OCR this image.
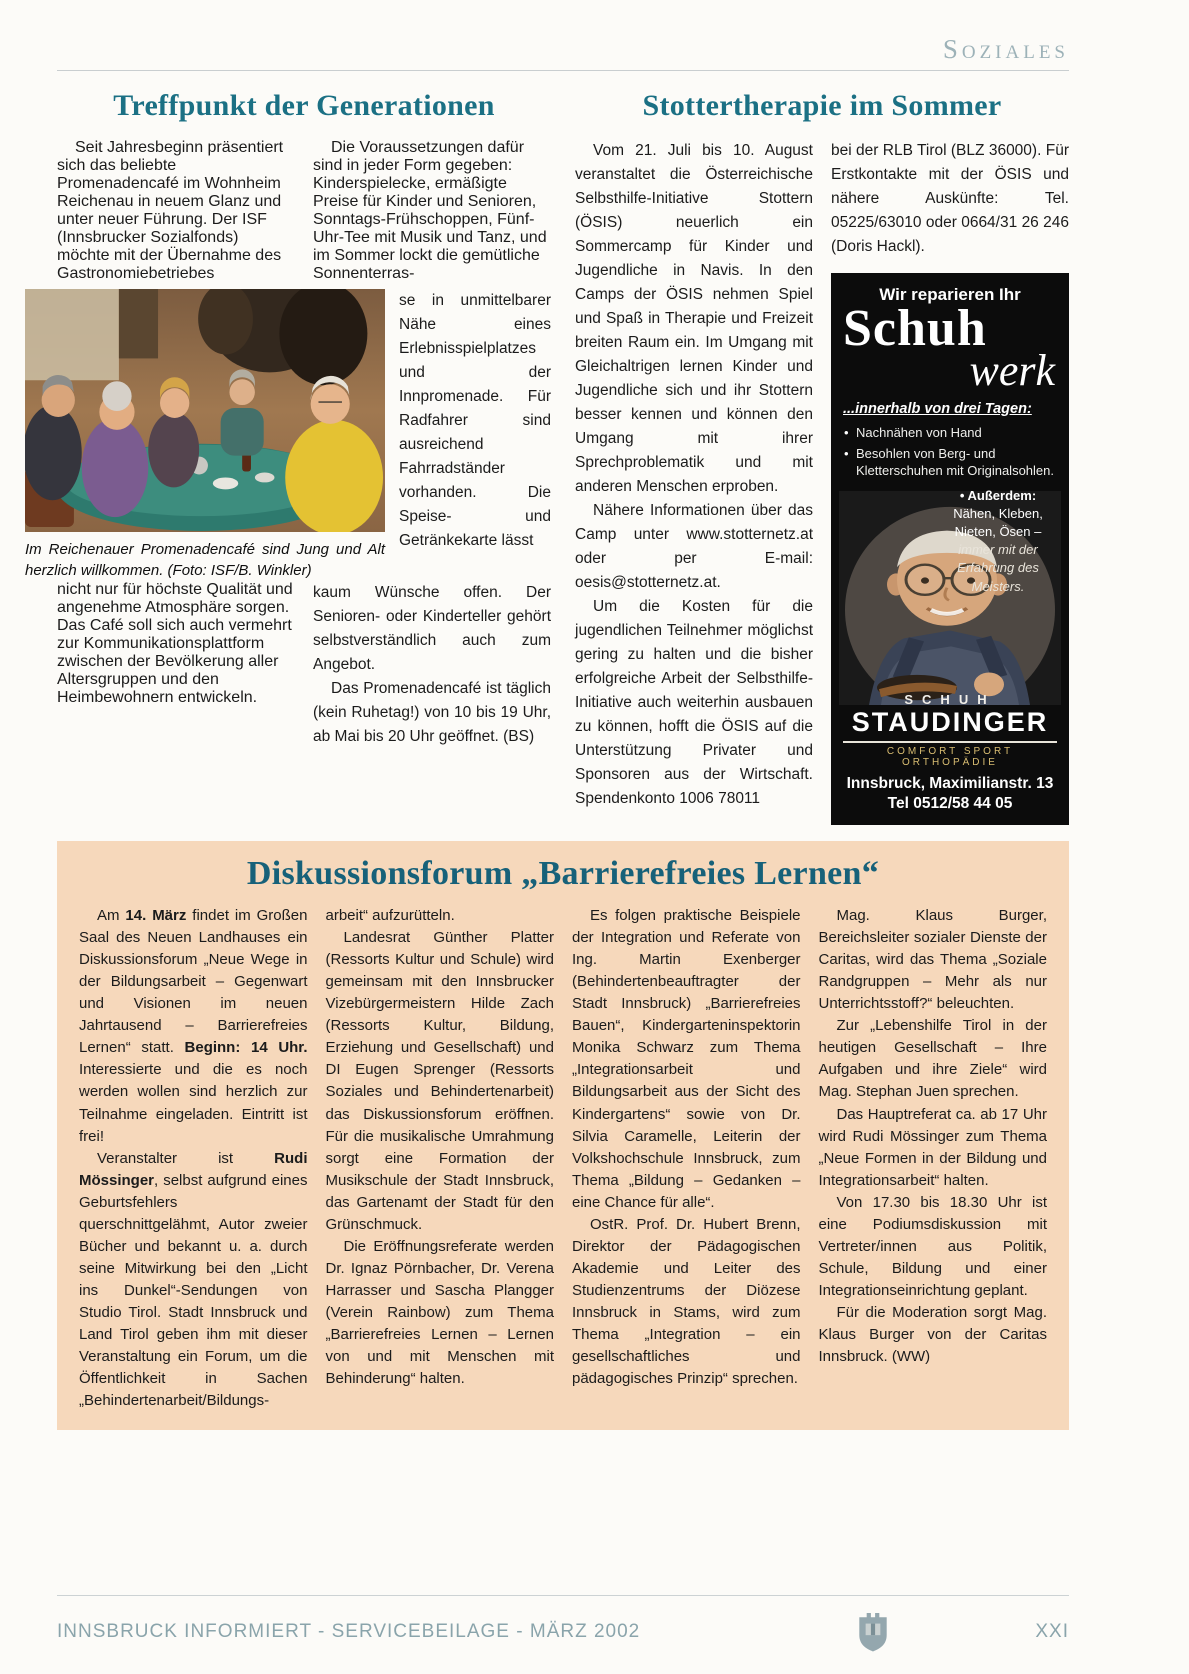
Soziales
Treffpunkt der Generationen

Seit Jahresbeginn präsentiert sich das beliebte Promenadencafé im Wohnheim Reichenau in neuem Glanz und unter neuer Führung. Der ISF (Innsbrucker Sozialfonds) möchte mit der Übernahme des Gastronomiebetriebes

Die Voraussetzungen dafür sind in jeder Form gegeben: Kinderspielecke, ermäßigte Preise für Kinder und Senioren, Sonntags-Frühschoppen, Fünf-Uhr-Tee mit Musik und Tanz, und im Sommer lockt die gemütliche Sonnenterras-

Im Reichenauer Promenadencafé sind Jung und Alt herzlich willkommen. (Foto: ISF/B. Winkler)

se in unmittelbarer Nähe eines Erlebnisspielplatzes und der Innpromenade. Für Radfahrer sind ausreichend Fahrradständer vorhanden. Die Speise- und Getränkekarte lässt

nicht nur für höchste Qualität und angenehme Atmosphäre sorgen. Das Café soll sich auch vermehrt zur Kommunikationsplattform zwischen der Bevölkerung aller Altersgruppen und den Heimbewohnern entwickeln.

kaum Wünsche offen. Der Senioren- oder Kinderteller gehört selbstverständlich auch zum Angebot.

Das Promenadencafé ist täglich (kein Ruhetag!) von 10 bis 19 Uhr, ab Mai bis 20 Uhr geöffnet. (BS)

Stottertherapie im Sommer

Vom 21. Juli bis 10. August veranstaltet die Österreichische Selbsthilfe-Initiative Stottern (ÖSIS) neuerlich ein Sommercamp für Kinder und Jugendliche in Navis. In den Camps der ÖSIS nehmen Spiel und Spaß in Therapie und Freizeit breiten Raum ein. Im Umgang mit Gleichaltrigen lernen Kinder und Jugendliche sich und ihr Stottern besser kennen und können den Umgang mit ihrer Sprechproblematik und mit anderen Menschen erproben.

Nähere Informationen über das Camp unter www.stotternetz.at oder per E-mail: oesis@stotternetz.at.

Um die Kosten für die jugendlichen Teilnehmer möglichst gering zu halten und die bisher erfolgreiche Arbeit der Selbsthilfe-Initiative auch weiterhin ausbauen zu können, hofft die ÖSIS auf die Unterstützung Privater und Sponsoren aus der Wirtschaft. Spendenkonto 1006 78011

bei der RLB Tirol (BLZ 36000). Für Erstkontakte mit der ÖSIS und nähere Auskünfte: Tel. 05225/63010 oder 0664/31 26 246 (Doris Hackl).

Wir reparieren Ihr
Schuh
werk
...innerhalb von drei Tagen:
• Nachnähen von Hand
• Besohlen von Berg- und Kletterschuhen mit Originalsohlen.
• Außerdem:
Nähen, Kleben, Nieten, Ösen –
immer mit der Erfahrung des Meisters.
SCHUH
STAUDINGER
COMFORT SPORT ORTHOPÄDIE
Innsbruck, Maximilianstr. 13
Tel 0512/58 44 05
Diskussionsforum „Barrierefreies Lernen“

Am 14. März findet im Großen Saal des Neuen Landhauses ein Diskussionsforum „Neue Wege in der Bildungsarbeit – Gegenwart und Visionen im neuen Jahrtausend – Barrierefreies Lernen“ statt. Beginn: 14 Uhr. Interessierte und die es noch werden wollen sind herzlich zur Teilnahme eingeladen. Eintritt ist frei!

Veranstalter ist Rudi Mössinger, selbst aufgrund eines Geburtsfehlers querschnittgelähmt, Autor zweier Bücher und bekannt u. a. durch seine Mitwirkung bei den „Licht ins Dunkel“-Sendungen von Studio Tirol. Stadt Innsbruck und Land Tirol geben ihm mit dieser Veranstaltung ein Forum, um die Öffentlichkeit in Sachen „Behindertenarbeit/Bildungs-

arbeit“ aufzurütteln.

Landesrat Günther Platter (Ressorts Kultur und Schule) wird gemeinsam mit den Innsbrucker Vizebürgermeistern Hilde Zach (Ressorts Kultur, Bildung, Erziehung und Gesellschaft) und DI Eugen Sprenger (Ressorts Soziales und Behindertenarbeit) das Diskussionsforum eröffnen. Für die musikalische Umrahmung sorgt eine Formation der Musikschule der Stadt Innsbruck, das Gartenamt der Stadt für den Grünschmuck.

Die Eröffnungsreferate werden Dr. Ignaz Pörnbacher, Dr. Verena Harrasser und Sascha Plangger (Verein Rainbow) zum Thema „Barrierefreies Lernen – Lernen von und mit Menschen mit Behinderung“ halten.

Es folgen praktische Beispiele der Integration und Referate von Ing. Martin Exenberger (Behindertenbeauftragter der Stadt Innsbruck) „Barrierefreies Bauen“, Kindergarteninspektorin Monika Schwarz zum Thema „Integrationsarbeit und Bildungsarbeit aus der Sicht des Kindergartens“ sowie von Dr. Silvia Caramelle, Leiterin der Volkshochschule Innsbruck, zum Thema „Bildung – Gedanken – eine Chance für alle“.

OstR. Prof. Dr. Hubert Brenn, Direktor der Pädagogischen Akademie und Leiter des Studienzentrums der Diözese Innsbruck in Stams, wird zum Thema „Integration – ein gesellschaftliches und pädagogisches Prinzip“ sprechen.

Mag. Klaus Burger, Bereichsleiter sozialer Dienste der Caritas, wird das Thema „Soziale Randgruppen – Mehr als nur Unterrichtsstoff?“ beleuchten.

Zur „Lebenshilfe Tirol in der heutigen Gesellschaft – Ihre Aufgaben und ihre Ziele“ wird Mag. Stephan Juen sprechen.

Das Hauptreferat ca. ab 17 Uhr wird Rudi Mössinger zum Thema „Neue Formen in der Bildung und Integrationsarbeit“ halten.

Von 17.30 bis 18.30 Uhr ist eine Podiumsdiskussion mit Vertreter/innen aus Politik, Schule, Bildung und einer Integrationseinrichtung geplant.

Für die Moderation sorgt Mag. Klaus Burger von der Caritas Innsbruck. (WW)

INNSBRUCK INFORMIERT - SERVICEBEILAGE - MÄRZ 2002	XXI
